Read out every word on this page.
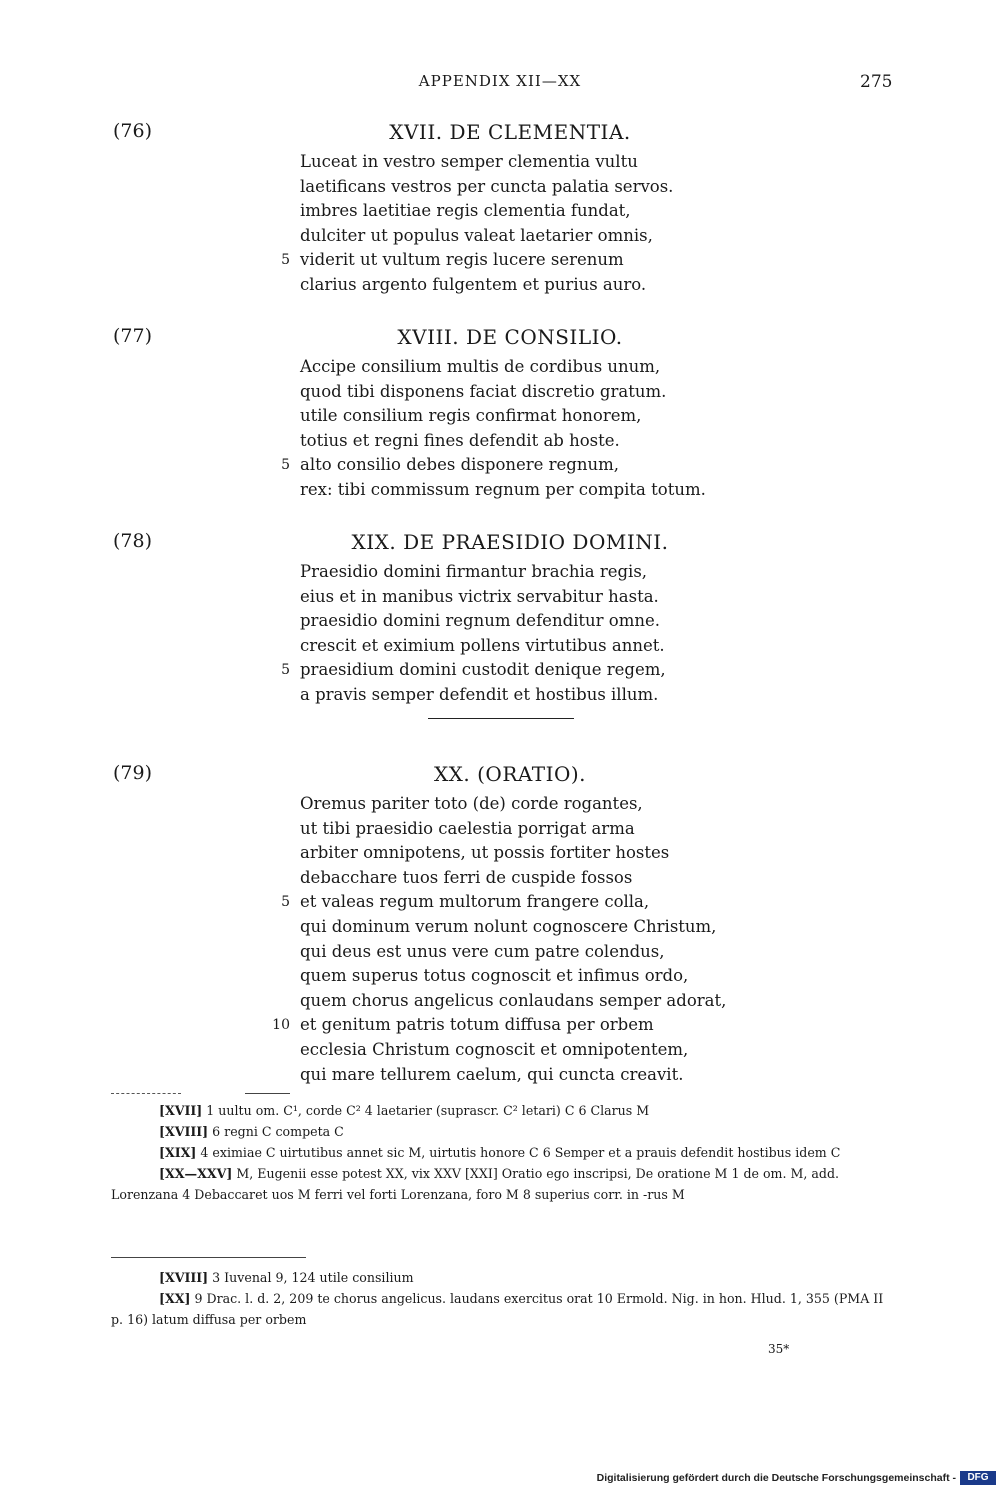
APPENDIX XII—XX	275
(76)	XVII. DE CLEMENTIA.
Luceat in vestro semper clementia vultu
laetificans vestros per cuncta palatia servos.
imbres laetitiae regis clementia fundat,
dulciter ut populus valeat laetarier omnis,
5 viderit ut vultum regis lucere serenum
clarius argento fulgentem et purius auro.
(77)	XVIII. DE CONSILIO.
Accipe consilium multis de cordibus unum,
quod tibi disponens faciat discretio gratum.
utile consilium regis confirmat honorem,
totius et regni fines defendit ab hoste.
5 alto consilio debes disponere regnum,
rex: tibi commissum regnum per compita totum.
(78)	XIX. DE PRAESIDIO DOMINI.
Praesidio domini firmantur brachia regis,
eius et in manibus victrix servabitur hasta.
praesidio domini regnum defenditur omne.
crescit et eximium pollens virtutibus annet.
5 praesidium domini custodit denique regem,
a pravis semper defendit et hostibus illum.
(79)	XX. (ORATIO).
Oremus pariter toto (de) corde rogantes,
ut tibi praesidio caelestia porrigat arma
arbiter omnipotens, ut possis fortiter hostes
debacchare tuos ferri de cuspide fossos
5 et valeas regum multorum frangere colla,
qui dominum verum nolunt cognoscere Christum,
qui deus est unus vere cum patre colendus,
quem superus totus cognoscit et infimus ordo,
quem chorus angelicus conlaudans semper adorat,
10 et genitum patris totum diffusa per orbem
ecclesia Christum cognoscit et omnipotentem,
qui mare tellurem caelum, qui cuncta creavit.
[XVII] 1 uultu om. C¹, corde C² 4 laetarier (suprascr. C² letari) C 6 Clarus M
[XVIII] 6 regni C competa C
[XIX] 4 eximiae C uirtutibus annet sic M, uirtutis honore C 6 Semper et a prauis defendit hostibus idem C
[XX—XXV] M, Eugenii esse potest XX, vix XXV [XXI] Oratio ego inscripsi, De oratione M 1 de om. M, add. Lorenzana 4 Debaccaret uos M ferri vel forti Lorenzana, foro M 8 superius corr. in -rus M
[XVIII] 3 Iuvenal 9, 124 utile consilium
[XX] 9 Drac. l. d. 2, 209 te chorus angelicus. laudans exercitus orat 10 Ermold. Nig. in hon. Hlud. 1, 355 (PMA II p. 16) latum diffusa per orbem
35*
Digitalisierung gefördert durch die Deutsche Forschungsgemeinschaft -	DFG
